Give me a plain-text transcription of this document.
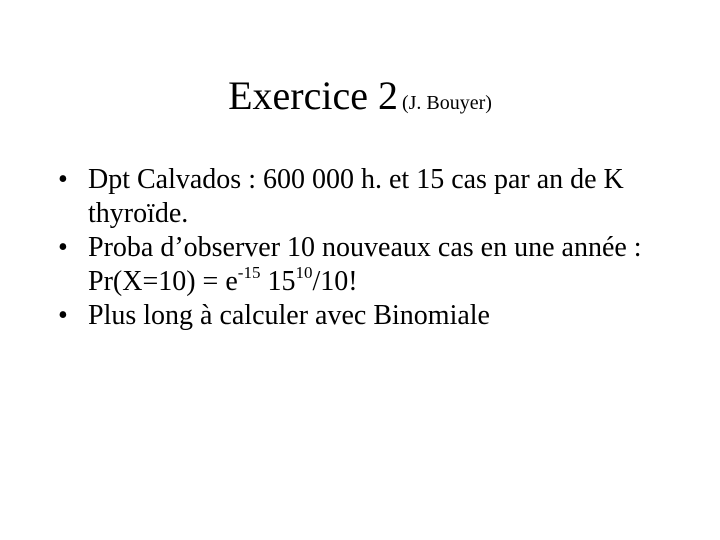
Exercice 2 (J. Bouyer)
• Dpt Calvados : 600 000 h. et 15 cas par an de K thyroïde.
• Proba d’observer 10 nouveaux cas en une année : $Pr(X=10) = e^{-15}$ $15^{10}/10$!
• Plus long à calculer avec Binomiale
